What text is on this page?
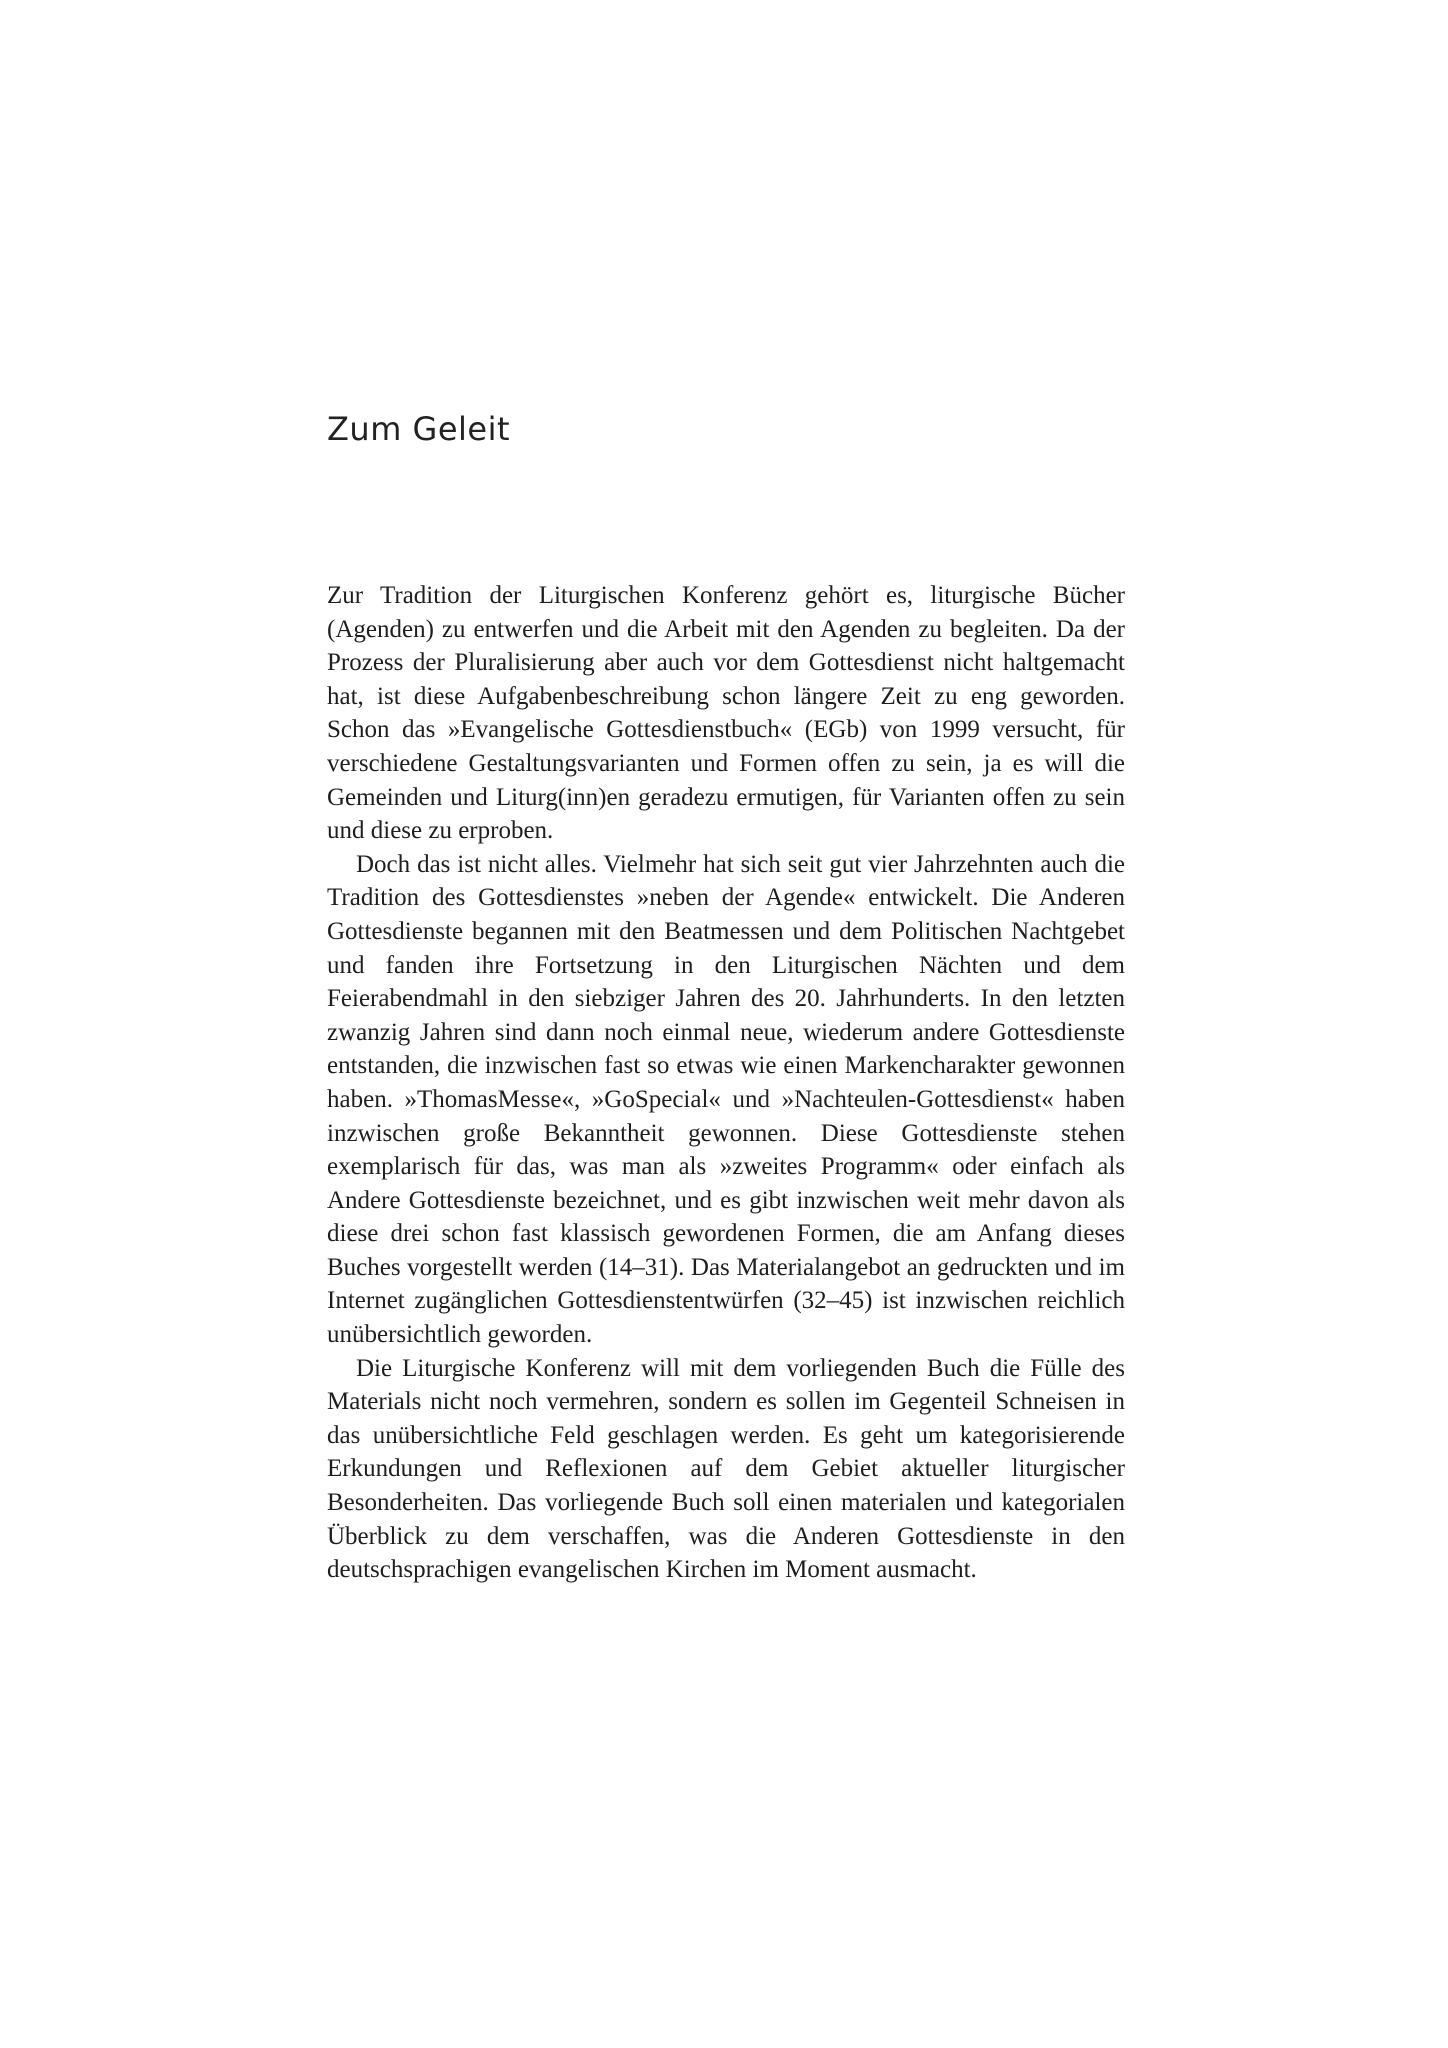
Zum Geleit

Zur Tradition der Liturgischen Konferenz gehört es, liturgische Bücher (Agenden) zu entwerfen und die Arbeit mit den Agenden zu begleiten. Da der Prozess der Pluralisierung aber auch vor dem Gottesdienst nicht haltgemacht hat, ist diese Aufgabenbeschreibung schon längere Zeit zu eng geworden. Schon das »Evangelische Gottesdienstbuch« (EGb) von 1999 versucht, für verschiedene Gestaltungsvarianten und Formen offen zu sein, ja es will die Gemeinden und Liturg(inn)en geradezu ermutigen, für Varianten offen zu sein und diese zu erproben.

Doch das ist nicht alles. Vielmehr hat sich seit gut vier Jahrzehnten auch die Tradition des Gottesdienstes »neben der Agende« entwickelt. Die Anderen Gottesdienste begannen mit den Beatmessen und dem Politischen Nachtgebet und fanden ihre Fortsetzung in den Liturgischen Nächten und dem Feierabendmahl in den siebziger Jahren des 20. Jahrhunderts. In den letzten zwanzig Jahren sind dann noch einmal neue, wiederum andere Gottesdienste entstanden, die inzwischen fast so etwas wie einen Markencharakter gewonnen haben. »ThomasMesse«, »GoSpecial« und »Nachteulen-Gottesdienst« haben inzwischen große Bekanntheit gewonnen. Diese Gottesdienste stehen exemplarisch für das, was man als »zweites Programm« oder einfach als Andere Gottesdienste bezeichnet, und es gibt inzwischen weit mehr davon als diese drei schon fast klassisch gewordenen Formen, die am Anfang dieses Buches vorgestellt werden (14–31). Das Materialangebot an gedruckten und im Internet zugänglichen Gottesdienstentwürfen (32–45) ist inzwischen reichlich unübersichtlich geworden.

Die Liturgische Konferenz will mit dem vorliegenden Buch die Fülle des Materials nicht noch vermehren, sondern es sollen im Gegenteil Schneisen in das unübersichtliche Feld geschlagen werden. Es geht um kategorisierende Erkundungen und Reflexionen auf dem Gebiet aktueller liturgischer Besonderheiten. Das vorliegende Buch soll einen materialen und kategorialen Überblick zu dem verschaffen, was die Anderen Gottesdienste in den deutschsprachigen evangelischen Kirchen im Moment ausmacht.
